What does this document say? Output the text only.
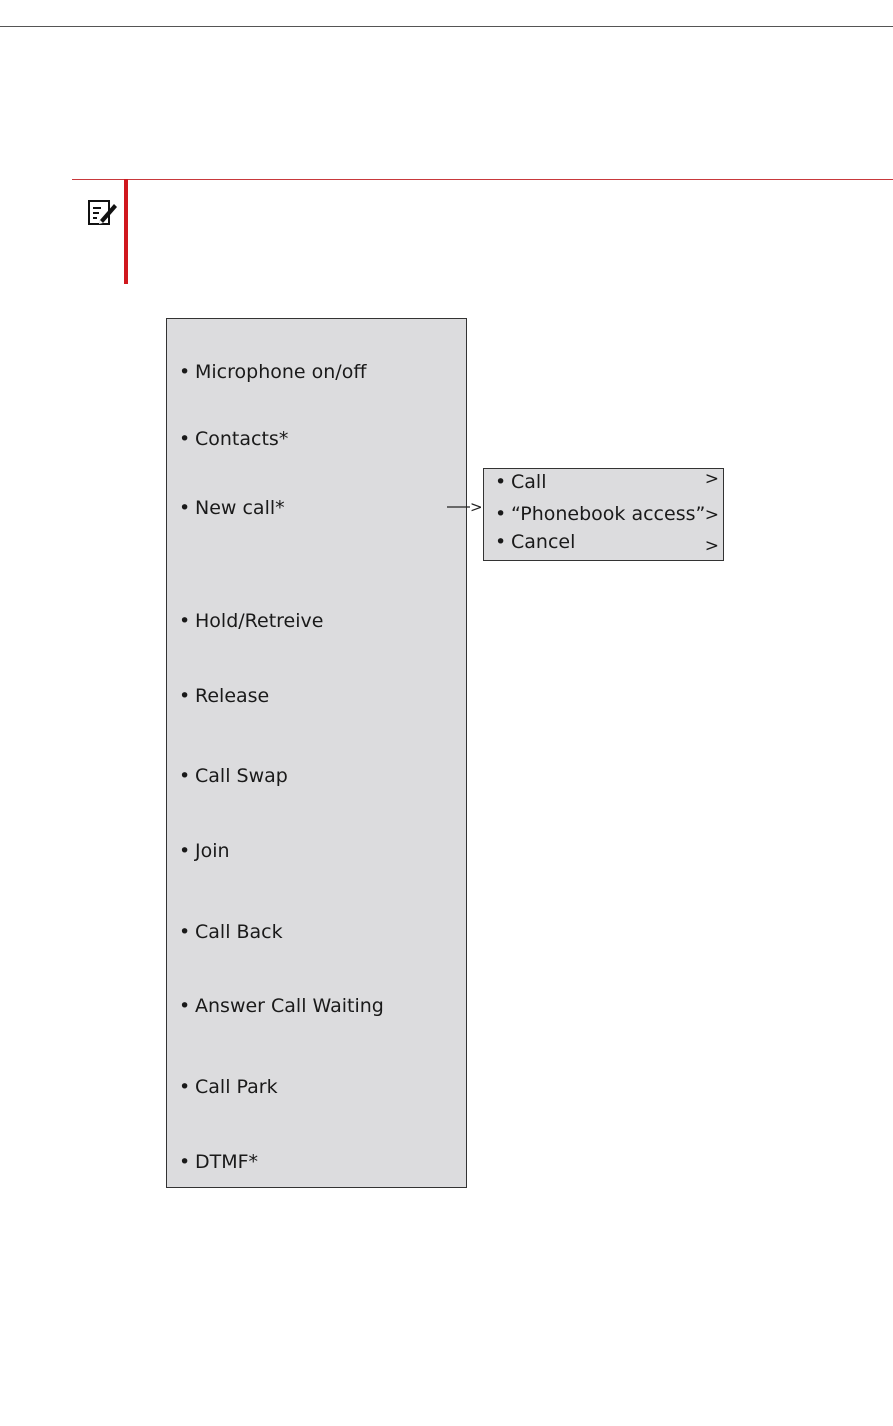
• Microphone on/off
• Contacts*
• New call*
• Hold/Retreive
• Release
• Call Swap
• Join
• Call Back
• Answer Call Waiting
• Call Park
• DTMF*
>
• Call	>
• “Phonebook access” >
• Cancel	>
